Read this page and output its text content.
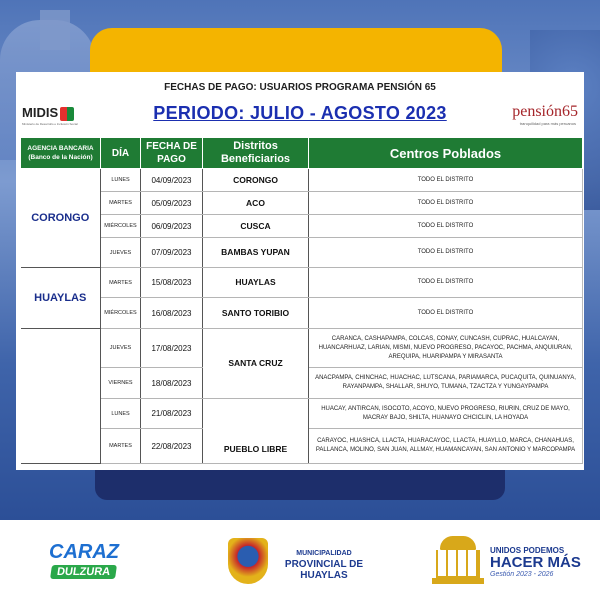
FECHAS DE PAGO: USUARIOS PROGRAMA PENSIÓN 65
MIDIS
Ministerio de Desarrollo e Inclusión Social
PERIODO: JULIO - AGOSTO 2023	pensión65
tranquilidad para más peruanos
AGENCIA BANCARIA
(Banco de la Nación)	DÍA	FECHA DE PAGO	Distritos Beneficiarios	Centros Poblados
CORONGO	LUNES	04/09/2023	CORONGO	TODO EL DISTRITO
	MARTES	05/09/2023	ACO	TODO EL DISTRITO
	MIÉRCOLES	06/09/2023	CUSCA	TODO EL DISTRITO
	JUEVES	07/09/2023	BAMBAS YUPAN	TODO EL DISTRITO
HUAYLAS	MARTES	15/08/2023	HUAYLAS	TODO EL DISTRITO
	MIÉRCOLES	16/08/2023	SANTO TORIBIO	TODO EL DISTRITO
	JUEVES	17/08/2023	SANTA CRUZ	CARANCA, CASHAPAMPA, COLCAS, CONAY, CUNCASH, CUPRAC, HUALCAYAN, HUANCARHUAZ, LARIAN, MISMI, NUEVO PROGRESO, PACAYOC, PACHMA, ANQUIURAN, AREQUIPA, HUARIPAMPA Y MIRASANTA
	VIERNES	18/08/2023		ANACPAMPA, CHINCHAC, HUACHAC, LUTSCANA, PARIAMARCA, PUCAQUITA, QUINUANYA, RAYANPAMPA, SHALLAR, SHUYO, TUMANA, TZACTZA Y YUNGAYPAMPA
	LUNES	21/08/2023	PUEBLO LIBRE	HUACAY, ANTIRCAN, ISOCOTO, ACOYO, NUEVO PROGRESO, RIURIN, CRUZ DE MAYO, MACRAY BAJO, SHILTA, HUANAYO CHCICLIN, LA HOYADA
	MARTES	22/08/2023		CARAYOC, HUASHCA, LLACTA, HUARACAYOC, LLACTA, HUAYLLO, MARCA, CHANAHUAS, PALLANCA, MOLINO, SAN JUAN, ALLMAY, HUAMANCAYAN, SAN ANTONIO Y MARCOPAMPA
CARAZ
DULZURA
MUNICIPALIDAD
PROVINCIAL DE
HUAYLAS
UNIDOS PODEMOS
HACER MÁS
Gestión 2023 - 2026
